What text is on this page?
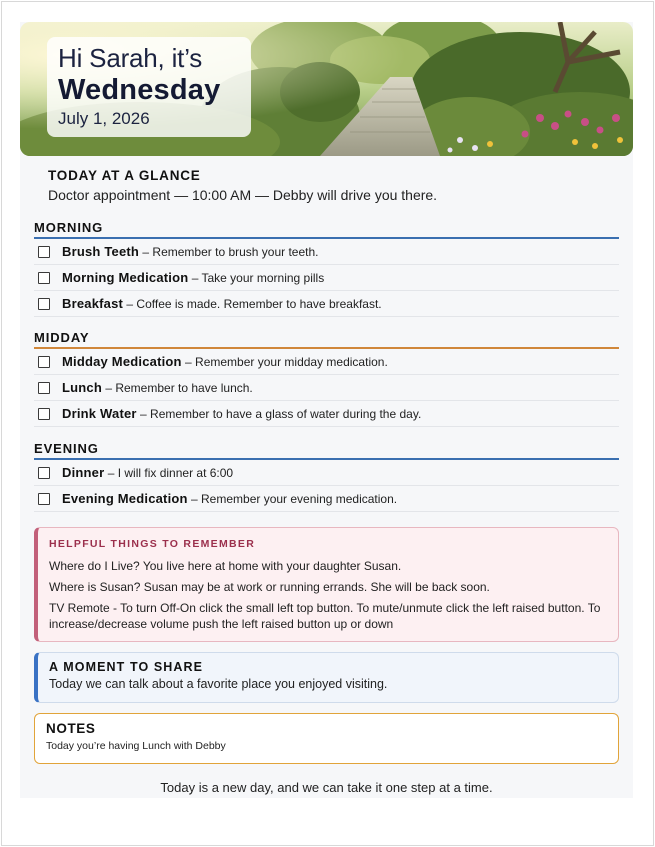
Hi Sarah, it’s
Wednesday
July 1, 2026
TODAY AT A GLANCE
Doctor appointment — 10:00 AM — Debby will drive you there.
MORNING
Brush Teeth – Remember to brush your teeth.
Morning Medication – Take your morning pills
Breakfast – Coffee is made. Remember to have breakfast.
MIDDAY
Midday Medication – Remember your midday medication.
Lunch – Remember to have lunch.
Drink Water – Remember to have a glass of water during the day.
EVENING
Dinner – I will fix dinner at 6:00
Evening Medication – Remember your evening medication.
HELPFUL THINGS TO REMEMBER

Where do I Live? You live here at home with your daughter Susan.

Where is Susan? Susan may be at work or running errands. She will be back soon.

TV Remote - To turn Off-On click the small left top button. To mute/unmute click the left raised button. To increase/decrease volume push the left raised button up or down

A MOMENT TO SHARE
Today we can talk about a favorite place you enjoyed visiting.
NOTES
Today you’re having Lunch with Debby
Today is a new day, and we can take it one step at a time.
